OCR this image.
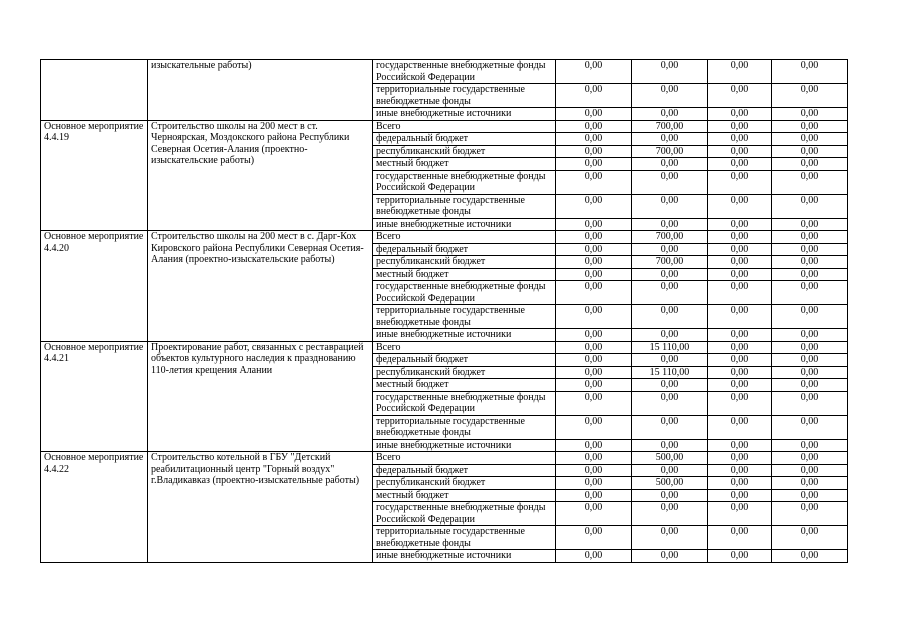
	изыскательные работы)	государственные внебюджетные фонды Российской Федерации	0,00	0,00	0,00	0,00
		территориальные государственные внебюджетные фонды	0,00	0,00	0,00	0,00
		иные внебюджетные источники	0,00	0,00	0,00	0,00
Основное мероприятие 4.4.19	Строительство школы на 200 мест в ст. Черноярская, Моздокского района Республики Северная Осетия-Алания (проектно-изыскательские работы)	Всего	0,00	700,00	0,00	0,00
		федеральный бюджет	0,00	0,00	0,00	0,00
		республиканский бюджет	0,00	700,00	0,00	0,00
		местный бюджет	0,00	0,00	0,00	0,00
		государственные внебюджетные фонды Российской Федерации	0,00	0,00	0,00	0,00
		территориальные государственные внебюджетные фонды	0,00	0,00	0,00	0,00
		иные внебюджетные источники	0,00	0,00	0,00	0,00
Основное мероприятие 4.4.20	Строительство школы на 200 мест в с. Дарг-Кох Кировского района Республики Северная Осетия-Алания (проектно-изыскательские работы)	Всего	0,00	700,00	0,00	0,00
		федеральный бюджет	0,00	0,00	0,00	0,00
		республиканский бюджет	0,00	700,00	0,00	0,00
		местный бюджет	0,00	0,00	0,00	0,00
		государственные внебюджетные фонды Российской Федерации	0,00	0,00	0,00	0,00
		территориальные государственные внебюджетные фонды	0,00	0,00	0,00	0,00
		иные внебюджетные источники	0,00	0,00	0,00	0,00
Основное мероприятие 4.4.21	Проектирование работ, связанных с реставрацией объектов культурного наследия к празднованию 110-летия крещения Алании	Всего	0,00	15 110,00	0,00	0,00
		федеральный бюджет	0,00	0,00	0,00	0,00
		республиканский бюджет	0,00	15 110,00	0,00	0,00
		местный бюджет	0,00	0,00	0,00	0,00
		государственные внебюджетные фонды Российской Федерации	0,00	0,00	0,00	0,00
		территориальные государственные внебюджетные фонды	0,00	0,00	0,00	0,00
		иные внебюджетные источники	0,00	0,00	0,00	0,00
Основное мероприятие 4.4.22	Строительство котельной в ГБУ "Детский реабилитационный центр "Горный воздух" г.Владикавказ (проектно-изыскательные работы)	Всего	0,00	500,00	0,00	0,00
		федеральный бюджет	0,00	0,00	0,00	0,00
		республиканский бюджет	0,00	500,00	0,00	0,00
		местный бюджет	0,00	0,00	0,00	0,00
		государственные внебюджетные фонды Российской Федерации	0,00	0,00	0,00	0,00
		территориальные государственные внебюджетные фонды	0,00	0,00	0,00	0,00
		иные внебюджетные источники	0,00	0,00	0,00	0,00
